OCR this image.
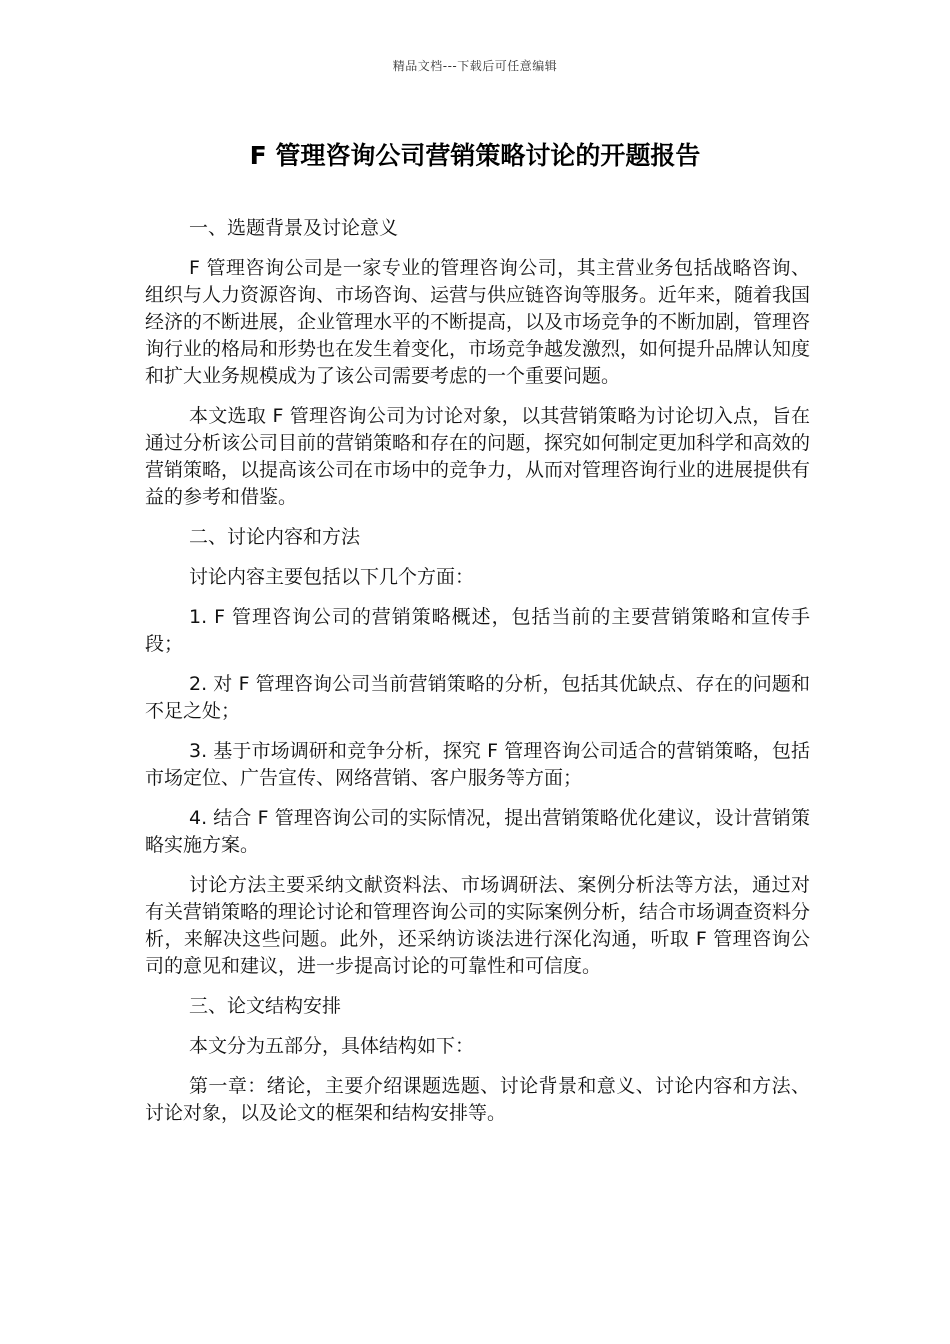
精品文档---下载后可任意编辑
F 管理咨询公司营销策略讨论的开题报告

一、选题背景及讨论意义

F 管理咨询公司是一家专业的管理咨询公司，其主营业务包括战略咨询、组织与人力资源咨询、市场咨询、运营与供应链咨询等服务。近年来，随着我国经济的不断进展，企业管理水平的不断提高，以及市场竞争的不断加剧，管理咨询行业的格局和形势也在发生着变化，市场竞争越发激烈，如何提升品牌认知度和扩大业务规模成为了该公司需要考虑的一个重要问题。

本文选取 F 管理咨询公司为讨论对象，以其营销策略为讨论切入点，旨在通过分析该公司目前的营销策略和存在的问题，探究如何制定更加科学和高效的营销策略，以提高该公司在市场中的竞争力，从而对管理咨询行业的进展提供有益的参考和借鉴。

二、讨论内容和方法

讨论内容主要包括以下几个方面：

1. F 管理咨询公司的营销策略概述，包括当前的主要营销策略和宣传手段；

2. 对 F 管理咨询公司当前营销策略的分析，包括其优缺点、存在的问题和不足之处；

3. 基于市场调研和竞争分析，探究 F 管理咨询公司适合的营销策略，包括市场定位、广告宣传、网络营销、客户服务等方面；

4. 结合 F 管理咨询公司的实际情况，提出营销策略优化建议，设计营销策略实施方案。

讨论方法主要采纳文献资料法、市场调研法、案例分析法等方法，通过对有关营销策略的理论讨论和管理咨询公司的实际案例分析，结合市场调查资料分析，来解决这些问题。此外，还采纳访谈法进行深化沟通，听取 F 管理咨询公司的意见和建议，进一步提高讨论的可靠性和可信度。

三、论文结构安排

本文分为五部分，具体结构如下：

第一章：绪论，主要介绍课题选题、讨论背景和意义、讨论内容和方法、讨论对象，以及论文的框架和结构安排等。
